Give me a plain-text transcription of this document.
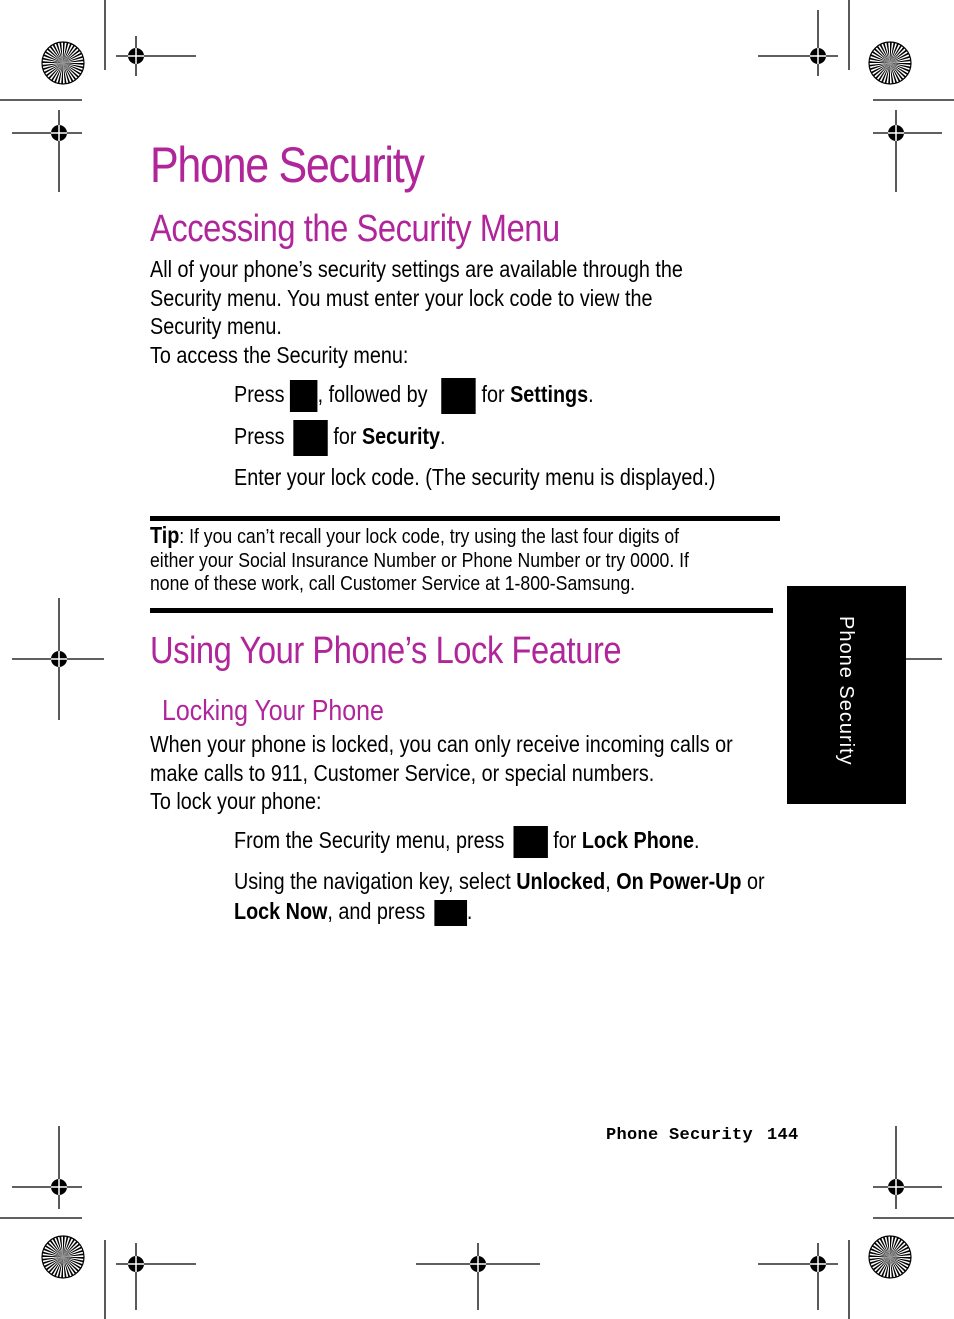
Phone Security
Accessing the Security Menu
All of your phone’s security settings are available through the
Security menu. You must enter your lock code to view the
Security menu.
To access the Security menu:
Press , followed by  for Settings.
Press  for Security.
Enter your lock code. (The security menu is displayed.)
Tip: If you can’t recall your lock code, try using the last four digits of
either your Social Insurance Number or Phone Number or try 0000. If
none of these work, call Customer Service at 1-800-Samsung.
Using Your Phone’s Lock Feature
Locking Your Phone
When your phone is locked, you can only receive incoming calls or
make calls to 911, Customer Service, or special numbers.
To lock your phone:
From the Security menu, press  for Lock Phone.
Using the navigation key, select Unlocked, On Power-Up or
Lock Now, and press .
Phone Security
Phone Security 144
